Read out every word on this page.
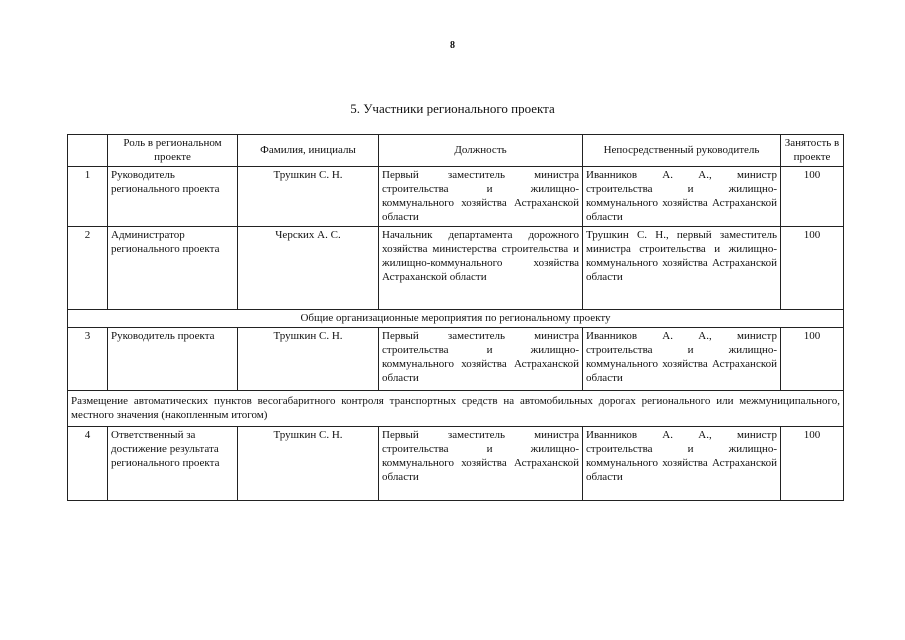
8
5. Участники регионального проекта
	Роль в региональном проекте	Фамилия, инициалы	Должность	Непосредственный руководитель	Занятость в проекте
1	Руководитель регионального проекта	Трушкин С. Н.	Первый заместитель министра строительства и жилищно-коммунального хозяйства Астраханской области	Иванников А. А., министр строительства и жилищно-коммунального хозяйства Астраханской области	100
2	Администратор регионального проекта	Черских А. С.	Начальник департамента дорожного хозяйства министерства строительства и жилищно-коммунального хозяйства Астраханской области	Трушкин С. Н., первый заместитель министра строительства и жилищно-коммунального хозяйства Астраханской области	100
Общие организационные мероприятия по региональному проекту					
3	Руководитель проекта	Трушкин С. Н.	Первый заместитель министра строительства и жилищно-коммунального хозяйства Астраханской области	Иванников А. А., министр строительства и жилищно-коммунального хозяйства Астраханской области	100
Размещение автоматических пунктов весогабаритного контроля транспортных средств на автомобильных дорогах регионального или межмуниципального, местного значения (накопленным итогом)					
4	Ответственный за достижение результата регионального проекта	Трушкин С. Н.	Первый заместитель министра строительства и жилищно-коммунального хозяйства Астраханской области	Иванников А. А., министр строительства и жилищно-коммунального хозяйства Астраханской области	100
